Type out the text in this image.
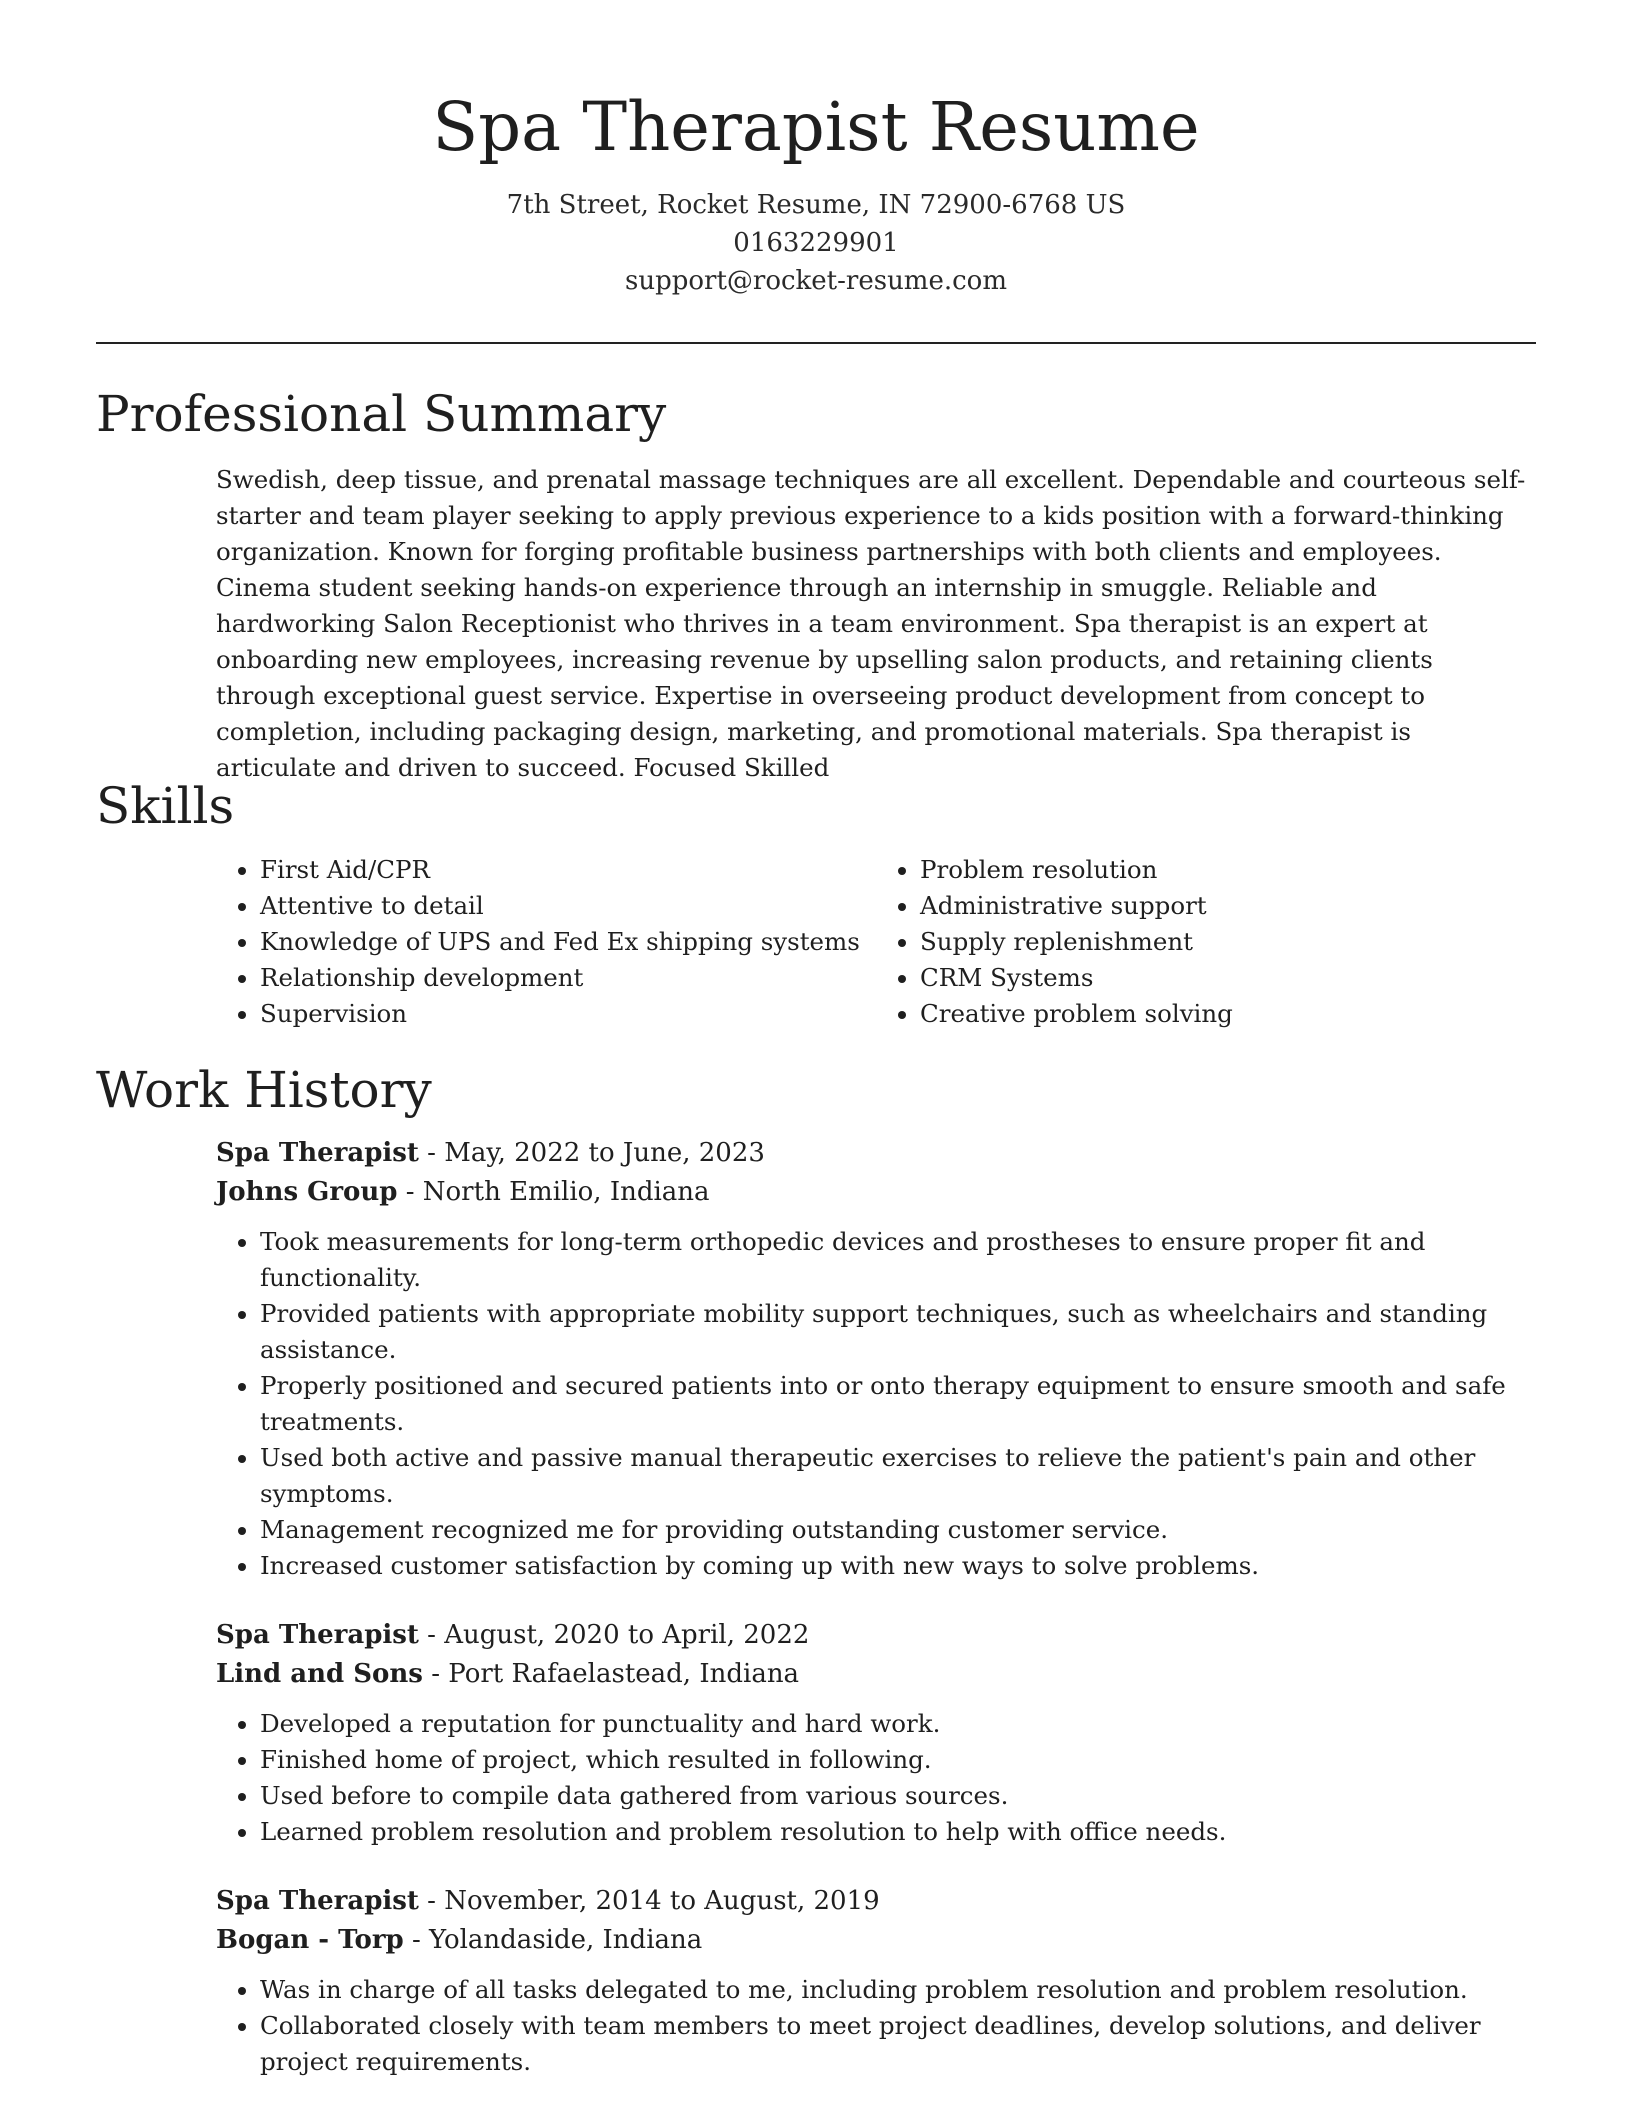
Spa Therapist Resume
7th Street, Rocket Resume, IN 72900-6768 US
0163229901
support@rocket-resume.com
Professional Summary
Swedish, deep tissue, and prenatal massage techniques are all excellent. Dependable and courteous self-starter and team player seeking to apply previous experience to a kids position with a forward-thinking organization. Known for forging profitable business partnerships with both clients and employees. Cinema student seeking hands-on experience through an internship in smuggle. Reliable and hardworking Salon Receptionist who thrives in a team environment. Spa therapist is an expert at onboarding new employees, increasing revenue by upselling salon products, and retaining clients through exceptional guest service. Expertise in overseeing product development from concept to completion, including packaging design, marketing, and promotional materials. Spa therapist is articulate and driven to succeed. Focused Skilled
Skills
• First Aid/CPR
• Attentive to detail
• Knowledge of UPS and Fed Ex shipping systems
• Relationship development
• Supervision
• Problem resolution
• Administrative support
• Supply replenishment
• CRM Systems
• Creative problem solving
Work History
Spa Therapist - May, 2022 to June, 2023
Johns Group - North Emilio, Indiana
• Took measurements for long-term orthopedic devices and prostheses to ensure proper fit and functionality.
• Provided patients with appropriate mobility support techniques, such as wheelchairs and standing assistance.
• Properly positioned and secured patients into or onto therapy equipment to ensure smooth and safe treatments.
• Used both active and passive manual therapeutic exercises to relieve the patient's pain and other symptoms.
• Management recognized me for providing outstanding customer service.
• Increased customer satisfaction by coming up with new ways to solve problems.
Spa Therapist - August, 2020 to April, 2022
Lind and Sons - Port Rafaelastead, Indiana
• Developed a reputation for punctuality and hard work.
• Finished home of project, which resulted in following.
• Used before to compile data gathered from various sources.
• Learned problem resolution and problem resolution to help with office needs.
Spa Therapist - November, 2014 to August, 2019
Bogan - Torp - Yolandaside, Indiana
• Was in charge of all tasks delegated to me, including problem resolution and problem resolution.
• Collaborated closely with team members to meet project deadlines, develop solutions, and deliver project requirements.
